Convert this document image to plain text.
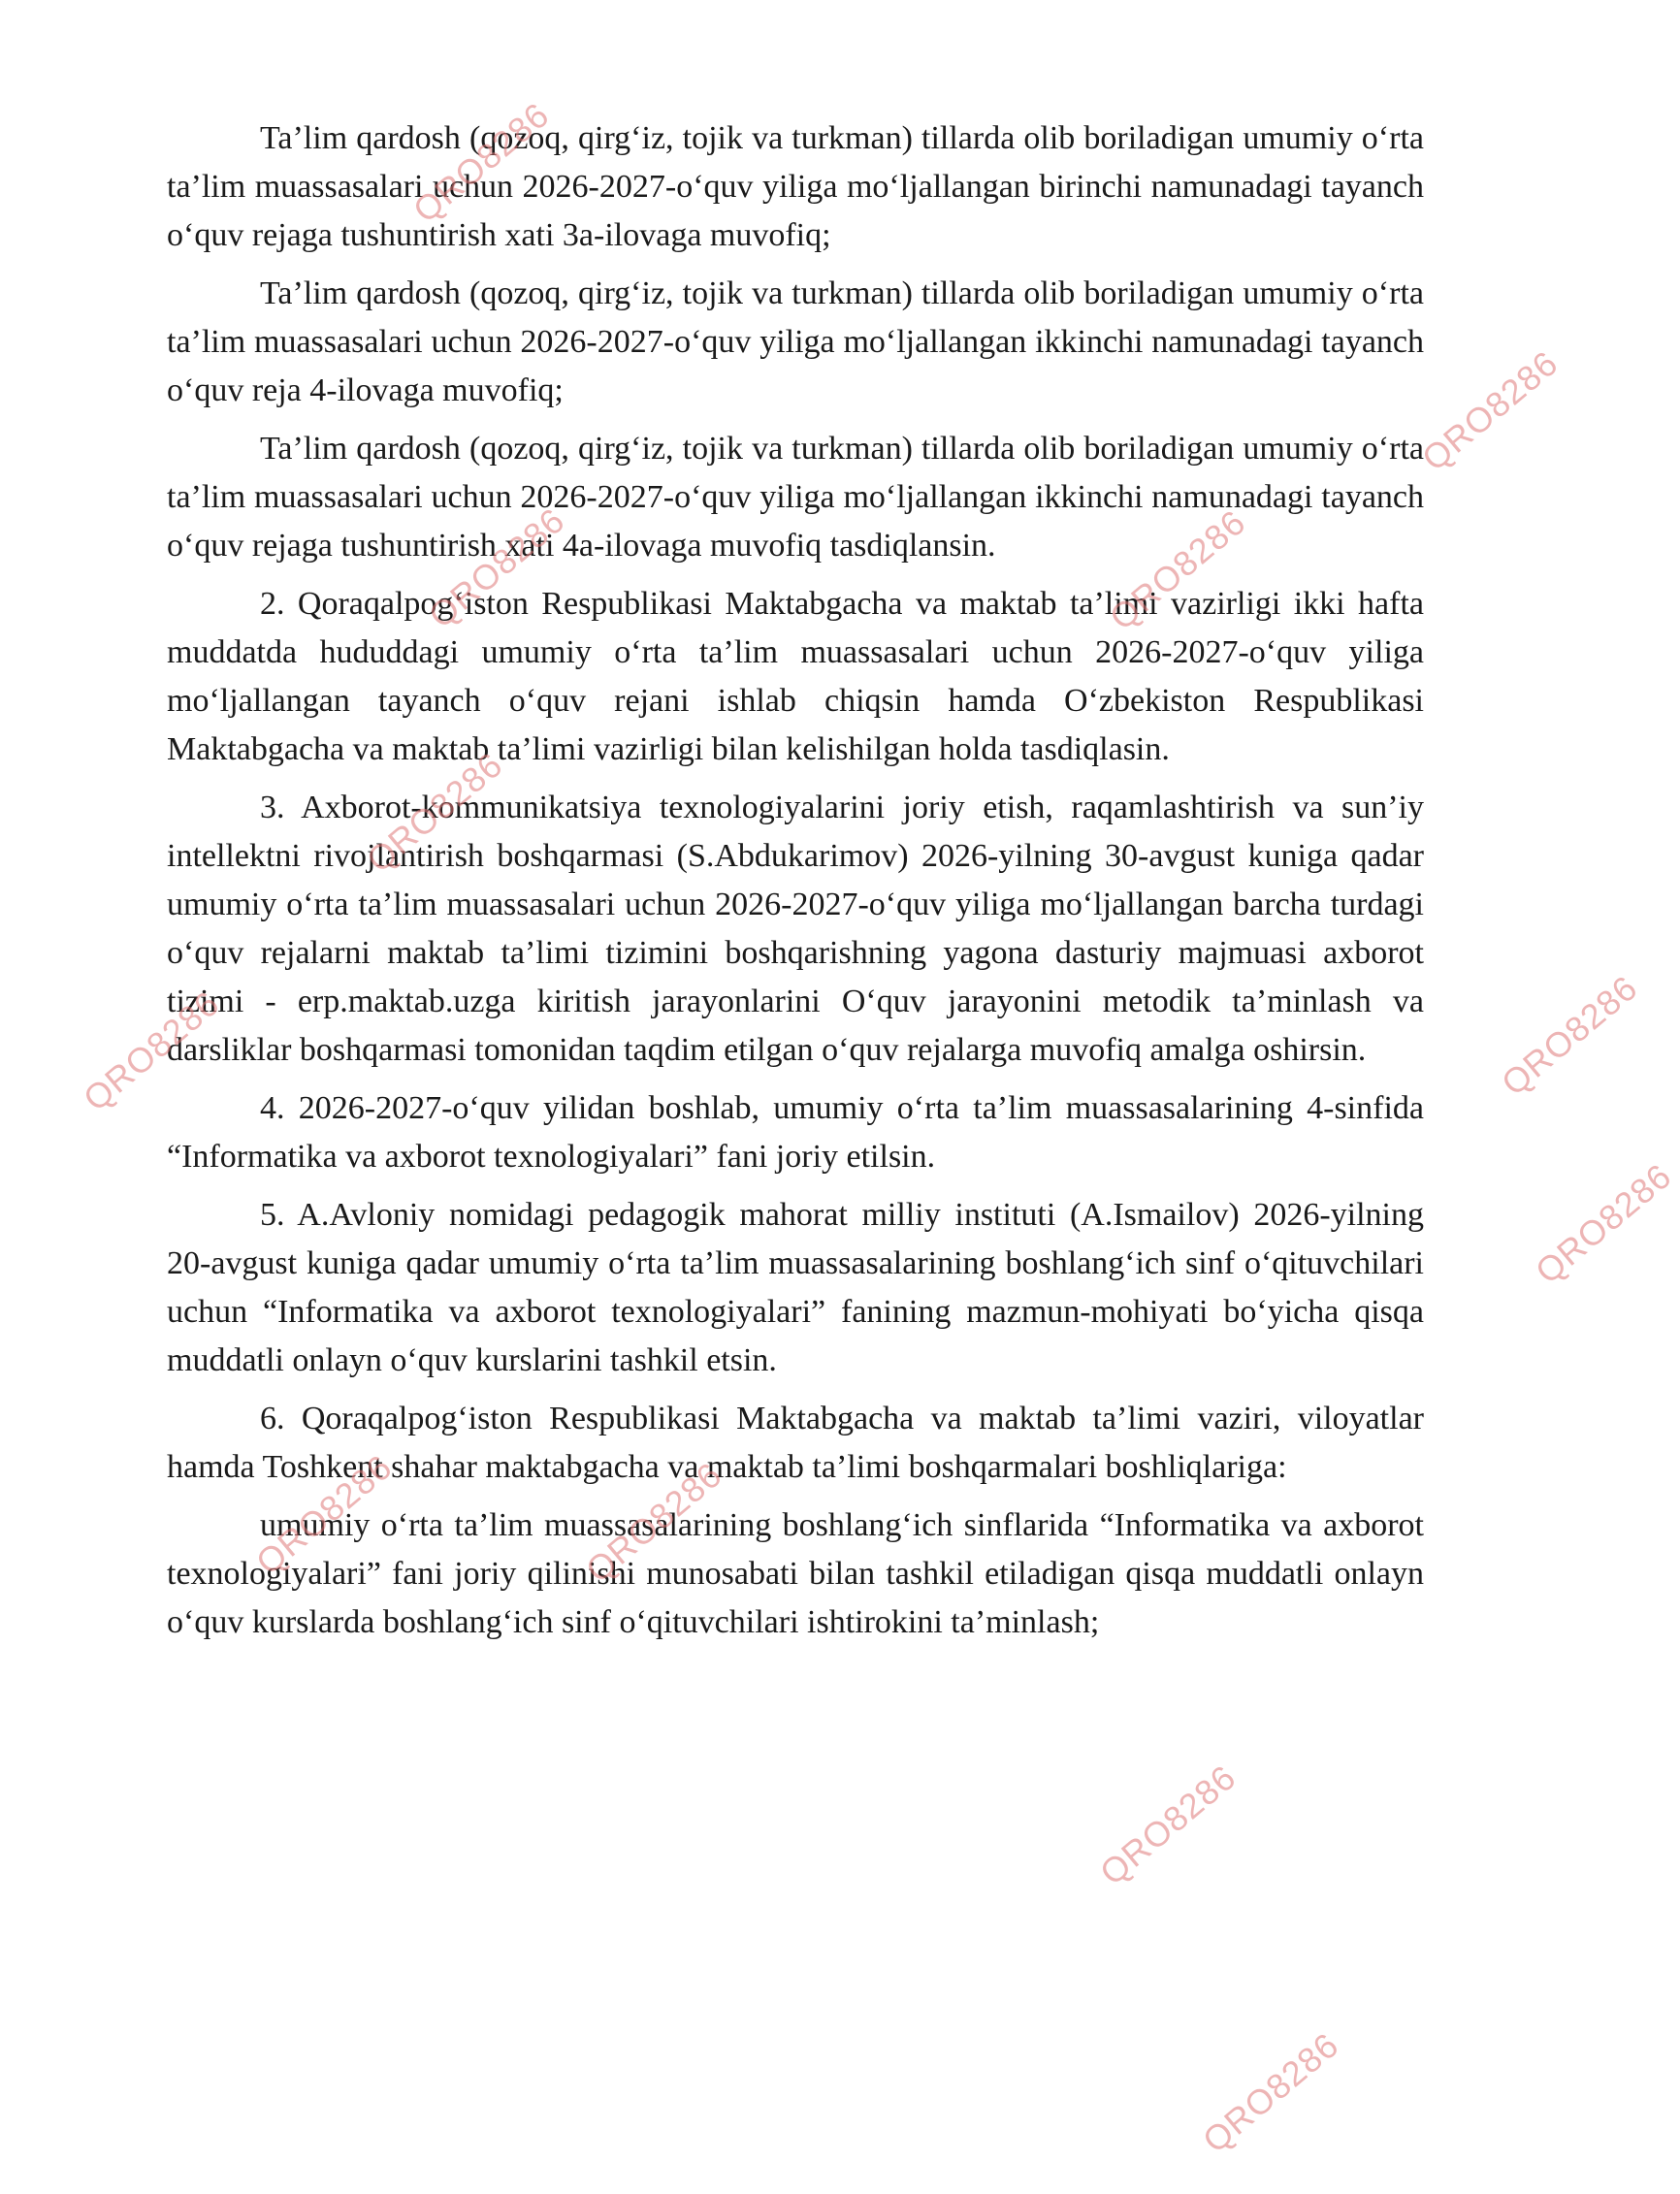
Ta’lim qardosh (qozoq, qirg‘iz, tojik va turkman) tillarda olib boriladigan umumiy o‘rta ta’lim muassasalari uchun 2026-2027-o‘quv yiliga mo‘ljallangan birinchi namunadagi tayanch o‘quv rejaga tushuntirish xati 3a-ilovaga muvofiq;

Ta’lim qardosh (qozoq, qirg‘iz, tojik va turkman) tillarda olib boriladigan umumiy o‘rta ta’lim muassasalari uchun 2026-2027-o‘quv yiliga mo‘ljallangan ikkinchi namunadagi tayanch o‘quv reja 4-ilovaga muvofiq;

Ta’lim qardosh (qozoq, qirg‘iz, tojik va turkman) tillarda olib boriladigan umumiy o‘rta ta’lim muassasalari uchun 2026-2027-o‘quv yiliga mo‘ljallangan ikkinchi namunadagi tayanch o‘quv rejaga tushuntirish xati 4a-ilovaga muvofiq tasdiqlansin.

2. Qoraqalpog‘iston Respublikasi Maktabgacha va maktab ta’limi vazirligi ikki hafta muddatda hududdagi umumiy o‘rta ta’lim muassasalari uchun 2026-2027-o‘quv yiliga mo‘ljallangan tayanch o‘quv rejani ishlab chiqsin hamda O‘zbekiston Respublikasi Maktabgacha va maktab ta’limi vazirligi bilan kelishilgan holda tasdiqlasin.

3. Axborot-kommunikatsiya texnologiyalarini joriy etish, raqamlashtirish va sun’iy intellektni rivojlantirish boshqarmasi (S.Abdukarimov) 2026-yilning 30-avgust kuniga qadar umumiy o‘rta ta’lim muassasalari uchun 2026-2027-o‘quv yiliga mo‘ljallangan barcha turdagi o‘quv rejalarni maktab ta’limi tizimini boshqarishning yagona dasturiy majmuasi axborot tizimi - erp.maktab.uzga kiritish jarayonlarini O‘quv jarayonini metodik ta’minlash va darsliklar boshqarmasi tomonidan taqdim etilgan o‘quv rejalarga muvofiq amalga oshirsin.

4. 2026-2027-o‘quv yilidan boshlab, umumiy o‘rta ta’lim muassasalarining 4-sinfida “Informatika va axborot texnologiyalari” fani joriy etilsin.

5. A.Avloniy nomidagi pedagogik mahorat milliy instituti (A.Ismailov) 2026-yilning 20-avgust kuniga qadar umumiy o‘rta ta’lim muassasalarining boshlang‘ich sinf o‘qituvchilari uchun “Informatika va axborot texnologiyalari” fanining mazmun-mohiyati bo‘yicha qisqa muddatli onlayn o‘quv kurslarini tashkil etsin.

6. Qoraqalpog‘iston Respublikasi Maktabgacha va maktab ta’limi vaziri, viloyatlar hamda Toshkent shahar maktabgacha va maktab ta’limi boshqarmalari boshliqlariga:

umumiy o‘rta ta’lim muassasalarining boshlang‘ich sinflarida “Informatika va axborot texnologiyalari” fani joriy qilinishi munosabati bilan tashkil etiladigan qisqa muddatli onlayn o‘quv kurslarda boshlang‘ich sinf o‘qituvchilari ishtirokini ta’minlash;

QRO8286
QRO8286
QRO8286	QRO8286
QRO8286
QRO8286	QRO8286
QRO8286
QRO8286	QRO8286
QRO8286
QRO8286
